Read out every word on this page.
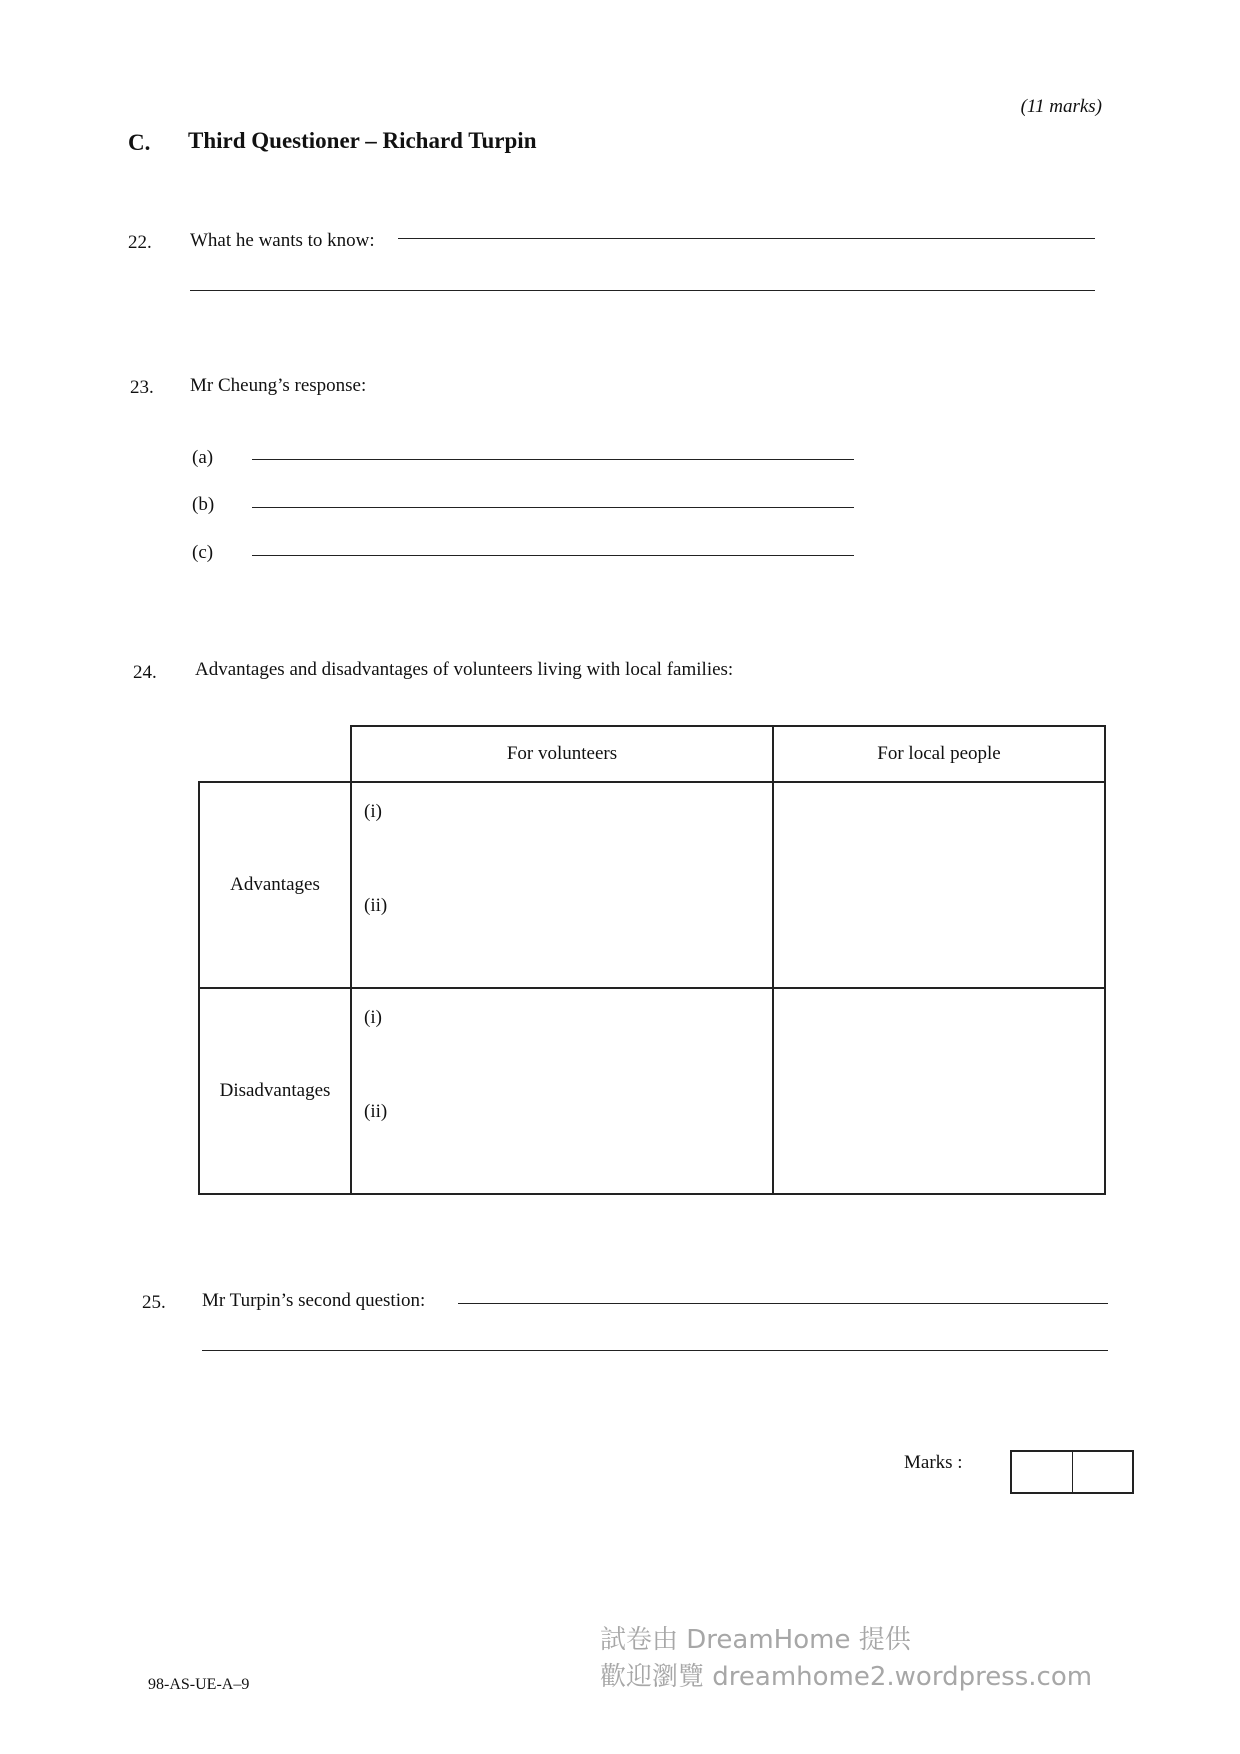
(11 marks)
C. Third Questioner – Richard Turpin
22. What he wants to know:
23. Mr Cheung’s response:
(a)
(b)
(c)
24. Advantages and disadvantages of volunteers living with local families:
	For volunteers	For local people
Advantages	(i)
(ii)	

Disadvantages	(i)
(ii)	

25. Mr Turpin’s second question:
Marks :
試卷由 DreamHome 提供
歡迎瀏覽 dreamhome2.wordpress.com
98-AS-UE-A–9
